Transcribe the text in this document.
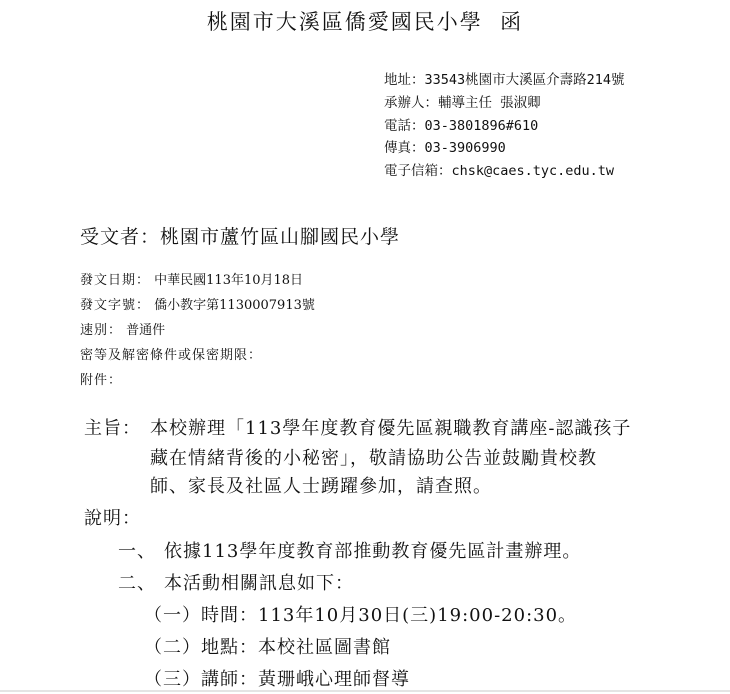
桃園市大溪區僑愛國民小學 函
地址：33543桃園市大溪區介壽路214號
承辦人：輔導主任 張淑卿
電話：03-3801896#610
傳真：03-3906990
電子信箱：chsk@caes.tyc.edu.tw
受文者：桃園市蘆竹區山腳國民小學
發文日期： 中華民國113年10月18日
發文字號： 僑小教字第1130007913號
速別： 普通件
密等及解密條件或保密期限：
附件：
主旨： 本校辦理「113學年度教育優先區親職教育講座-認識孩子
藏在情緒背後的小秘密」，敬請協助公告並鼓勵貴校教
師、家長及社區人士踴躍參加，請查照。
說明：
一、 依據113學年度教育部推動教育優先區計畫辦理。
二、 本活動相關訊息如下：
（一）時間：113年10月30日(三)19:00-20:30。
（二）地點：本校社區圖書館
（三）講師：黃珊峨心理師督導
